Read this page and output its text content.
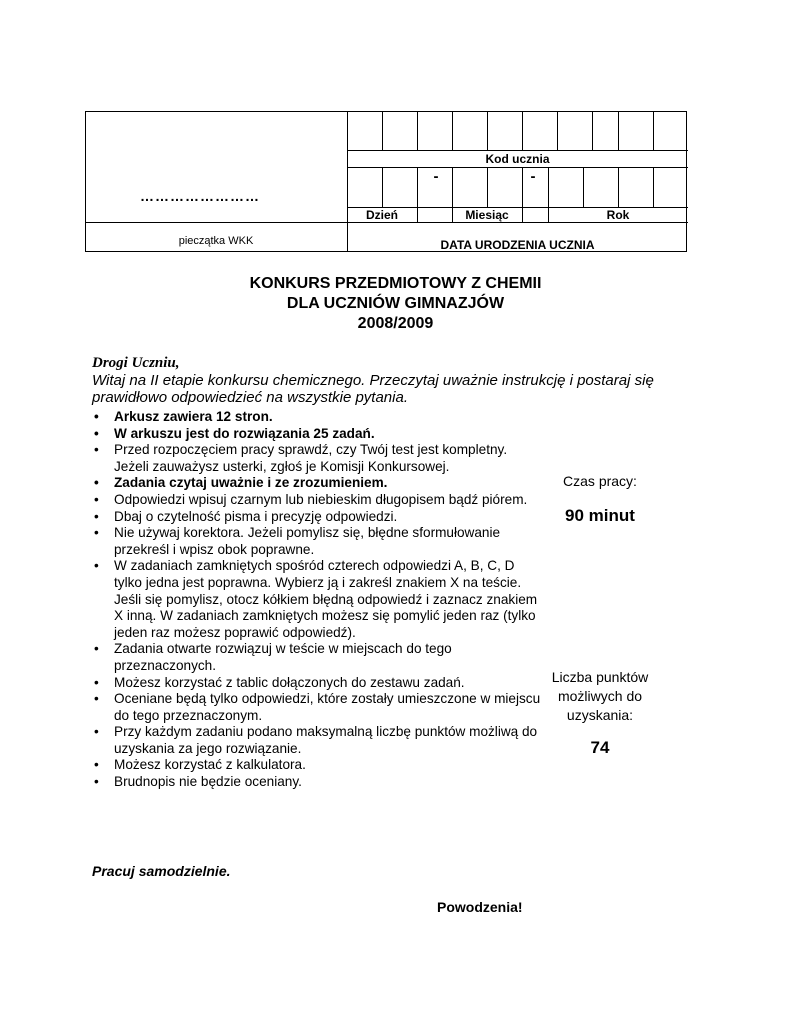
Kod ucznia
-	-
Dzień	Miesiąc	Rok
DATA URODZENIA UCZNIA
……………………
pieczątka WKK
KONKURS PRZEDMIOTOWY Z CHEMII
DLA UCZNIÓW GIMNAZJÓW
2008/2009
Drogi Uczniu,
Witaj na II etapie konkursu chemicznego. Przeczytaj uważnie instrukcję i postaraj się prawidłowo odpowiedzieć na wszystkie pytania.
• Arkusz zawiera 12 stron.
• W arkuszu jest do rozwiązania 25 zadań.
• Przed rozpoczęciem pracy sprawdź, czy Twój test jest kompletny. Jeżeli zauważysz usterki, zgłoś je Komisji Konkursowej.
• Zadania czytaj uważnie i ze zrozumieniem.
• Odpowiedzi wpisuj czarnym lub niebieskim długopisem bądź piórem.
• Dbaj o czytelność pisma i precyzję odpowiedzi.
• Nie używaj korektora. Jeżeli pomylisz się, błędne sformułowanie przekreśl i wpisz obok poprawne.
• W zadaniach zamkniętych spośród czterech odpowiedzi A, B, C, D tylko jedna jest poprawna. Wybierz ją i zakreśl znakiem X na teście. Jeśli się pomylisz, otocz kółkiem błędną odpowiedź i zaznacz znakiem X inną. W zadaniach zamkniętych możesz się pomylić jeden raz (tylko jeden raz możesz poprawić odpowiedź).
• Zadania otwarte rozwiązuj w teście w miejscach do tego przeznaczonych.
• Możesz korzystać z tablic dołączonych do zestawu zadań.
• Oceniane będą tylko odpowiedzi, które zostały umieszczone w miejscu do tego przeznaczonym.
• Przy każdym zadaniu podano maksymalną liczbę punktów możliwą do uzyskania za jego rozwiązanie.
• Możesz korzystać z kalkulatora.
• Brudnopis nie będzie oceniany.
Czas pracy:
90 minut
Liczba punktów możliwych do uzyskania:
74
Pracuj samodzielnie.
Powodzenia!
